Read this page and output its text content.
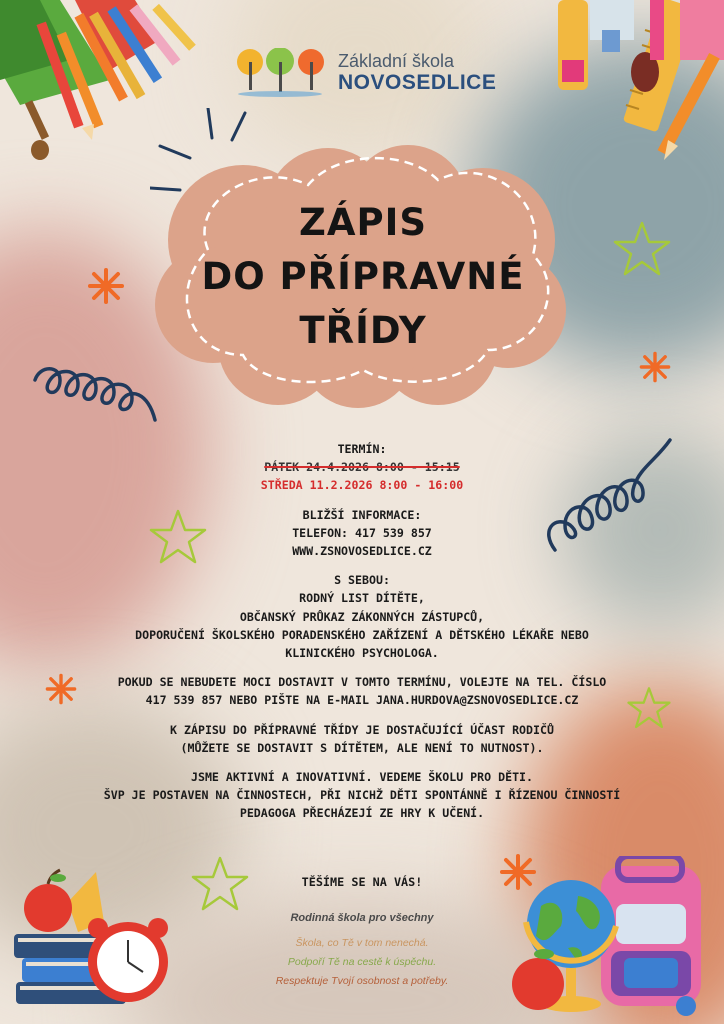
Základní škola
NOVOSEDLICE
ZÁPIS
DO PŘÍPRAVNÉ
TŘÍDY

TERMÍN:

PÁTEK 24.4.2026 8:00 - 15:15

STŘEDA 11.2.2026 8:00 - 16:00

BLIŽŠÍ INFORMACE:

TELEFON: 417 539 857

WWW.ZSNOVOSEDLICE.CZ

S SEBOU:

RODNÝ LIST DÍTĚTE,

OBČANSKÝ PRŮKAZ ZÁKONNÝCH ZÁSTUPCŮ,

DOPORUČENÍ ŠKOLSKÉHO PORADENSKÉHO ZAŘÍZENÍ A DĚTSKÉHO LÉKAŘE NEBO

KLINICKÉHO PSYCHOLOGA.

POKUD SE NEBUDETE MOCI DOSTAVIT V TOMTO TERMÍNU, VOLEJTE NA TEL. ČÍSLO

417 539 857 NEBO PIŠTE NA E-MAIL JANA.HURDOVA@ZSNOVOSEDLICE.CZ

K ZÁPISU DO PŘÍPRAVNÉ TŘÍDY JE DOSTAČUJÍCÍ ÚČAST RODIČŮ

(MŮŽETE SE DOSTAVIT S DÍTĚTEM, ALE NENÍ TO NUTNOST).

JSME AKTIVNÍ A INOVATIVNÍ. VEDEME ŠKOLU PRO DĚTI.

ŠVP JE POSTAVEN NA ČINNOSTECH, PŘI NICHŽ DĚTI SPONTÁNNĚ I ŘÍZENOU ČINNOSTÍ

PEDAGOGA PŘECHÁZEJÍ ZE HRY K UČENÍ.

TĚŠÍME SE NA VÁS!
Rodinná škola pro všechny
Škola, co Tě v tom nenechá.
Podpoří Tě na cestě k úspěchu.
Respektuje Tvojí osobnost a potřeby.
